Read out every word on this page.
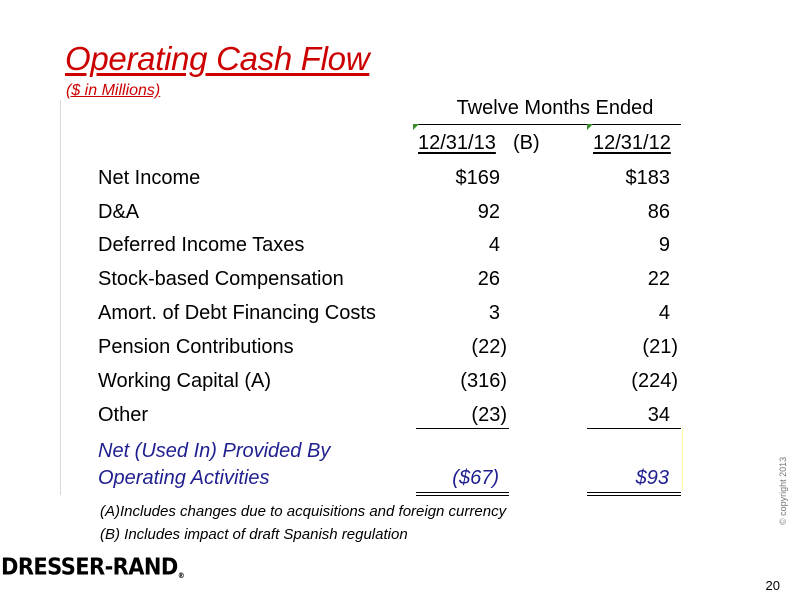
Operating Cash Flow
($ in Millions)
Twelve Months Ended
12/31/13 (B)	12/31/12
Net Income	$169	$183
D&A	92	86
Deferred Income Taxes	4	9
Stock-based Compensation	26	22
Amort. of Debt Financing Costs	3	4
Pension Contributions	(22)	(21)
Working Capital (A)	(316)	(224)
Other	(23)	34
Net (Used In) Provided By
Operating Activities	($67)	$93
(A)Includes changes due to acquisitions and foreign currency
(B) Includes impact of draft Spanish regulation
DRESSER-RAND®
© copyright 2013
20
